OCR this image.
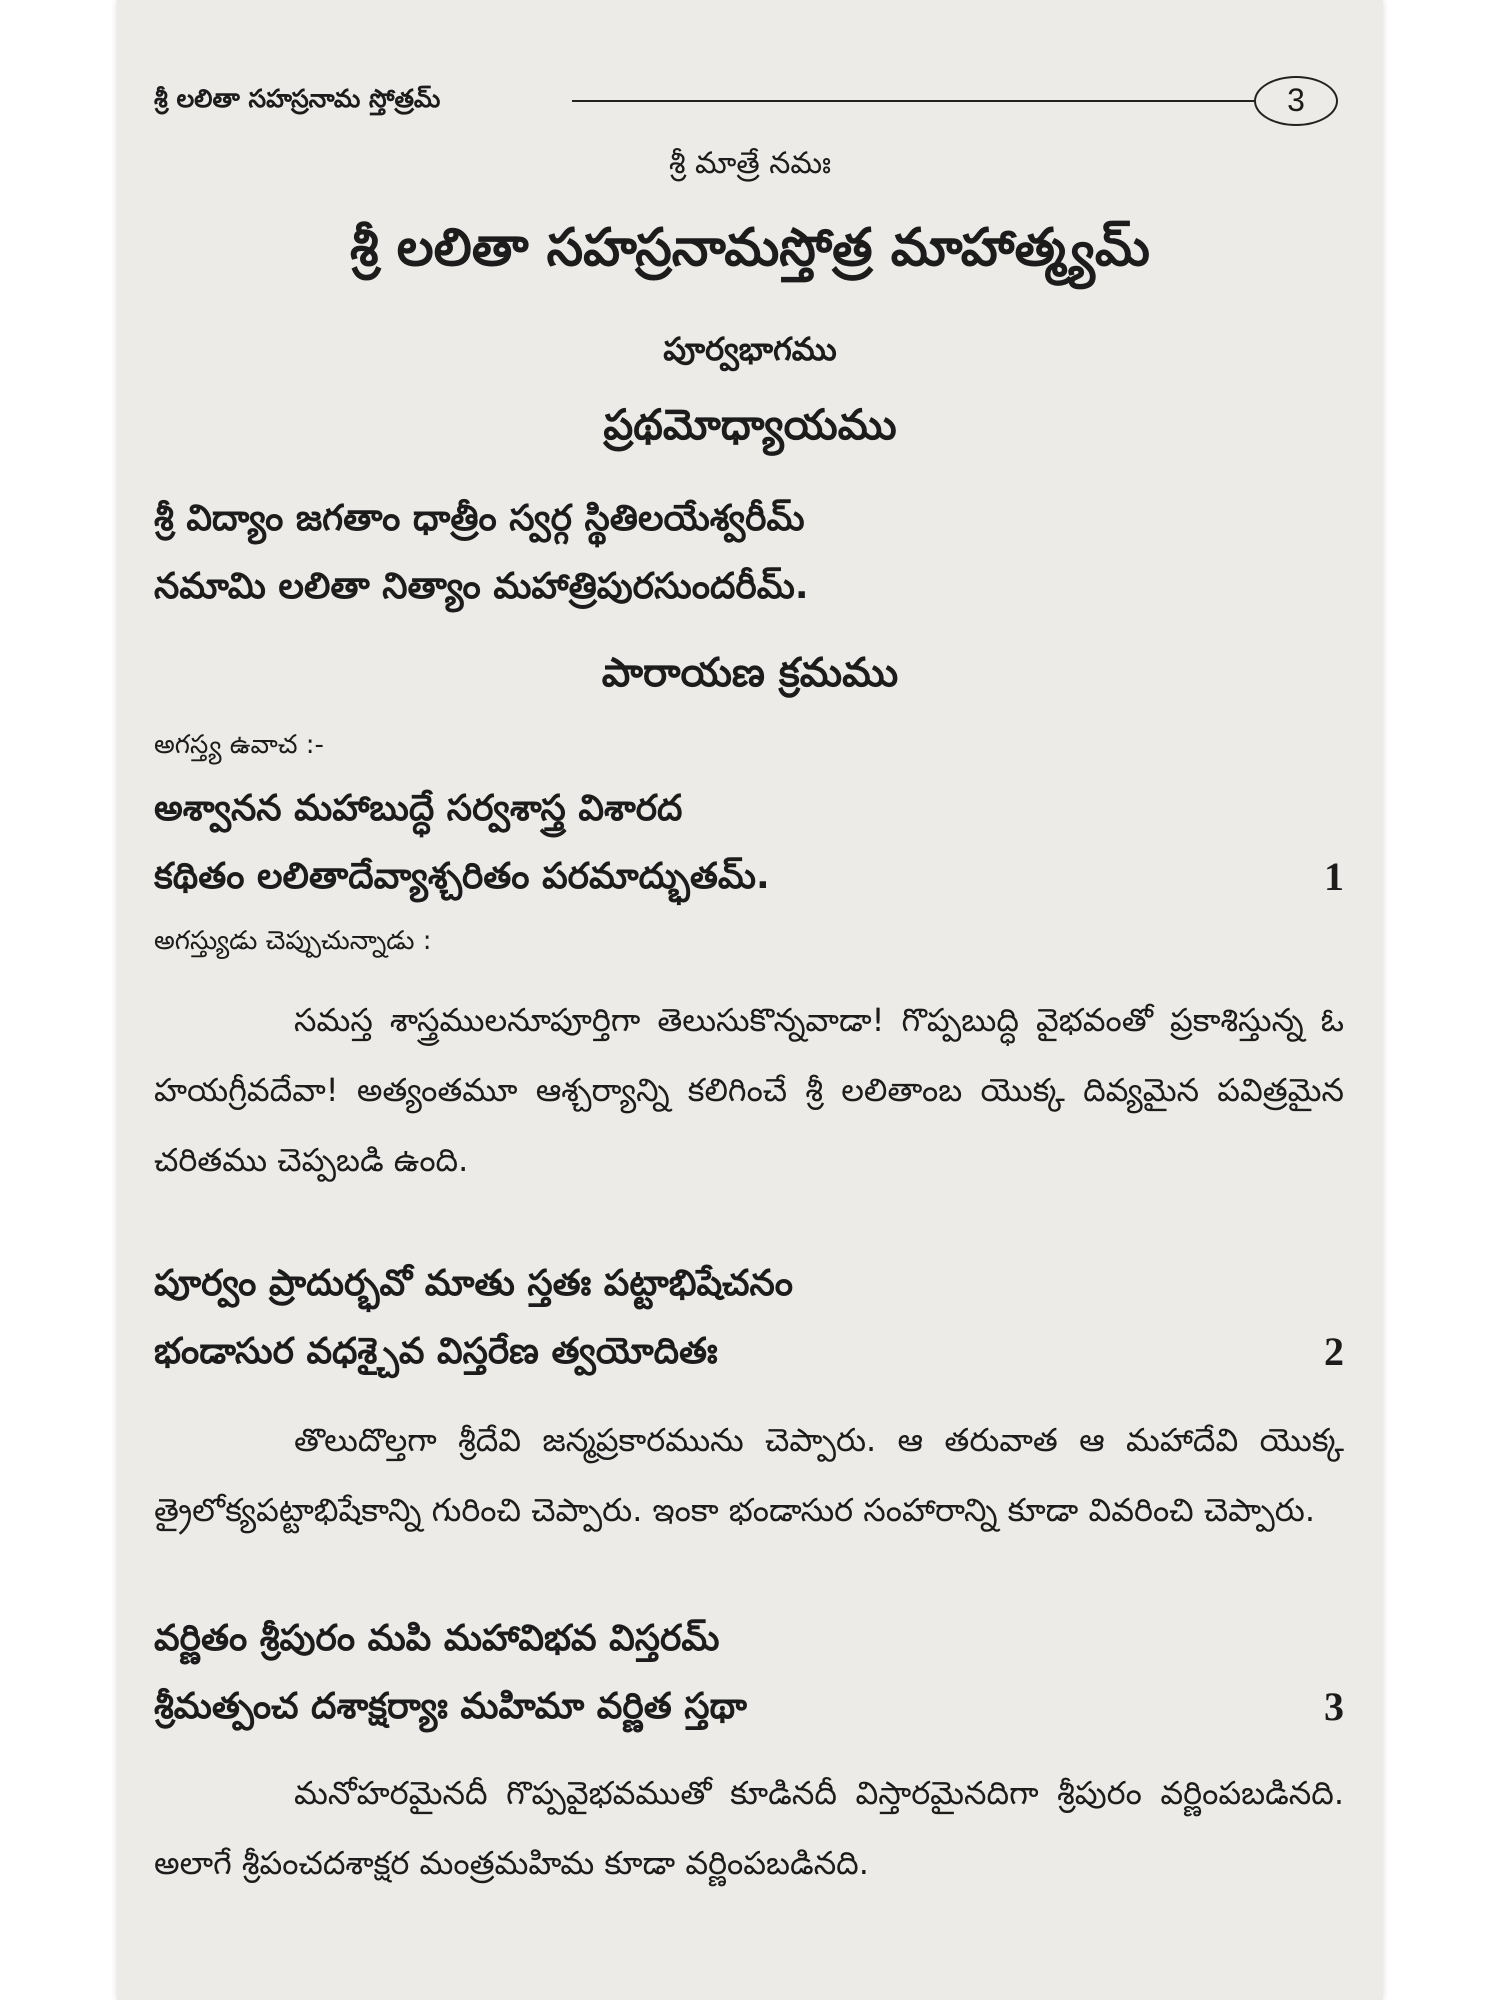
శ్రీ లలితా సహస్రనామ స్తోత్రమ్	3
శ్రీ మాత్రే నమః
శ్రీ లలితా సహస్రనామస్తోత్ర మాహాత్మ్యమ్
పూర్వభాగము
ప్రథమోధ్యాయము
శ్రీ విద్యాం జగతాం ధాత్రీం స్వర్గ స్థితిలయేశ్వరీమ్
నమామి లలితా నిత్యాం మహాత్రిపురసుందరీమ్.
పారాయణ క్రమము
అగస్త్య ఉవాచ :-
అశ్వానన మహాబుద్ధే సర్వశాస్త్ర విశారద
కథితం లలితాదేవ్యాశ్చరితం పరమాద్భుతమ్.	1
అగస్త్యుడు చెప్పుచున్నాడు :
సమస్త శాస్త్రములనూపూర్తిగా తెలుసుకొన్నవాడా! గొప్పబుద్ధి వైభవంతో ప్రకాశిస్తున్న ఓ హయగ్రీవదేవా! అత్యంతమూ ఆశ్చర్యాన్ని కలిగించే శ్రీ లలితాంబ యొక్క దివ్యమైన పవిత్రమైన చరితము చెప్పబడి ఉంది.
పూర్వం ప్రాదుర్భవో మాతు స్తతః పట్టాభిషేచనం
భండాసుర వధశ్చైవ విస్తరేణ త్వయోదితః	2
తొలుదొల్తగా శ్రీదేవి జన్మప్రకారమును చెప్పారు. ఆ తరువాత ఆ మహాదేవి యొక్క త్రైలోక్యపట్టాభిషేకాన్ని గురించి చెప్పారు. ఇంకా భండాసుర సంహారాన్ని కూడా వివరించి చెప్పారు.
వర్ణితం శ్రీపురం మపి మహావిభవ విస్తరమ్
శ్రీమత్పంచ దశాక్షర్యాః మహిమా వర్ణిత స్తథా	3
మనోహరమైనదీ గొప్పవైభవముతో కూడినదీ విస్తారమైనదిగా శ్రీపురం వర్ణింపబడినది. అలాగే శ్రీపంచదశాక్షర మంత్రమహిమ కూడా వర్ణింపబడినది.
